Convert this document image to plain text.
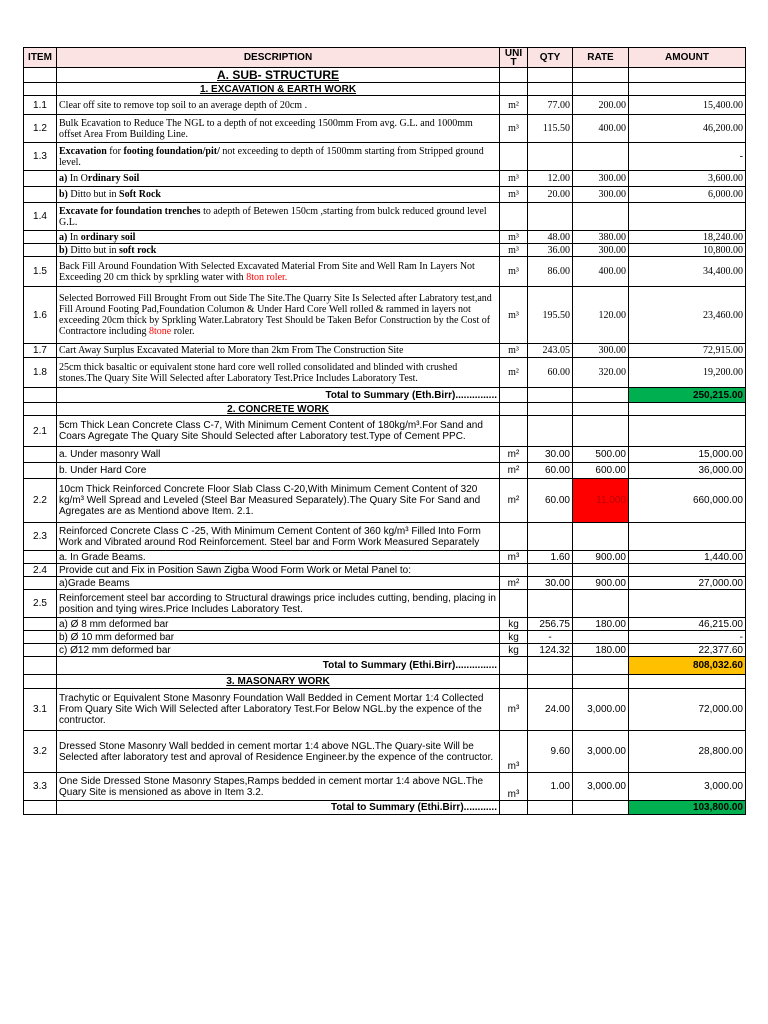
ITEM	DESCRIPTION	UNI T	QTY	RATE	AMOUNT
	A. SUB- STRUCTURE				
	1. EXCAVATION & EARTH WORK				
1.1	Clear off site to remove top soil to an average depth of 20cm .	m²	77.00	200.00	15,400.00
1.2	Bulk Ecavation to Reduce The NGL to a depth of not exceeding 1500mm From avg. G.L. and 1000mm offset Area From Building Line.	m³	115.50	400.00	46,200.00
1.3	Excavation for footing foundation/pit/ not exceeding to depth of 1500mm starting from Stripped ground level.				-
	a) In Ordinary Soil	m³	12.00	300.00	3,600.00
	b) Ditto but in Soft Rock	m³	20.00	300.00	6,000.00
1.4	Excavate for foundation trenches to adepth of Betewen 150cm ,starting from bulck reduced ground level G.L.				
	a) In ordinary soil	m³	48.00	380.00	18,240.00
	b) Ditto but in soft rock	m³	36.00	300.00	10,800.00
1.5	Back Fill Around Foundation With Selected Excavated Material From Site and Well Ram In Layers Not Exceeding 20 cm thick by sprkling water with 8ton roler.	m³	86.00	400.00	34,400.00
1.6	Selected Borrowed Fill Brought From out Side The Site.The Quarry Site Is Selected after Labratory test,and Fill Around Footing Pad,Foundation Columon & Under Hard Core Well rolled & rammed in layers not exceeding 20cm thick by Sprkling Water.Labratory Test Should be Taken Befor Construction by the Cost of Contractore including 8tone roler.	m³	195.50	120.00	23,460.00
1.7	Cart Away Surplus Excavated Material to More than 2km From The Construction Site	m³	243.05	300.00	72,915.00
1.8	25cm thick basaltic or equivalent stone hard core well rolled consolidated and blinded with crushed stones.The Quary Site Will Selected after Laboratory Test.Price Includes Laboratory Test.	m²	60.00	320.00	19,200.00
	Total to Summary (Eth.Birr)...............				250,215.00
	2. CONCRETE WORK				
2.1	5cm Thick Lean Concrete Class C-7, With Minimum Cement Content of 180kg/m³.For Sand and Coars Agregate The Quary Site Should Selected after Laboratory test.Type of Cement PPC.				
	a. Under masonry Wall	m²	30.00	500.00	15,000.00
	b. Under Hard Core	m²	60.00	600.00	36,000.00
2.2	10cm Thick Reinforced Concrete Floor Slab Class C-20,With Minimum Cement Content of 320 kg/m³ Well Spread and Leveled (Steel Bar Measured Separately).The Quary Site For Sand and Agregates are as Mentiond above Item. 2.1.	m²	60.00	11,000	660,000.00
2.3	Reinforced Concrete Class C -25, With Minimum Cement Content of 360 kg/m³ Filled Into Form Work and Vibrated around Rod Reinforcement. Steel bar and Form Work Measured Separately				
	a. In Grade Beams.	m³	1.60	900.00	1,440.00
2.4	Provide cut and Fix in Position Sawn Zigba Wood Form Work or Metal Panel to:				
	a)Grade Beams	m²	30.00	900.00	27,000.00
2.5	Reinforcement steel bar according to Structural drawings price includes cutting, bending, placing in position and tying wires.Price Includes Laboratory Test.				
	a) Ø 8 mm deformed bar	kg	256.75	180.00	46,215.00
	b) Ø 10 mm deformed bar	kg	-		-
	c) Ø12 mm deformed bar	kg	124.32	180.00	22,377.60
	Total to Summary (Ethi.Birr)...............				808,032.60
	3. MASONARY WORK				
3.1	Trachytic or Equivalent Stone Masonry Foundation Wall Bedded in Cement Mortar 1:4 Collected From Quary Site Wich Will Selected after Laboratory Test.For Below NGL.by the expence of the contructor.	m³	24.00	3,000.00	72,000.00
3.2	Dressed Stone Masonry Wall bedded in cement mortar 1:4 above NGL.The Quary-site Will be Selected after laboratory test and aproval of Residence Engineer.by the expence of the contructor.	m³	9.60	3,000.00	28,800.00
3.3	One Side Dressed Stone Masonry Stapes,Ramps bedded in cement mortar 1:4 above NGL.The Quary Site is mensioned as above in Item 3.2.	m³	1.00	3,000.00	3,000.00
	Total to Summary (Ethi.Birr)............				103,800.00
